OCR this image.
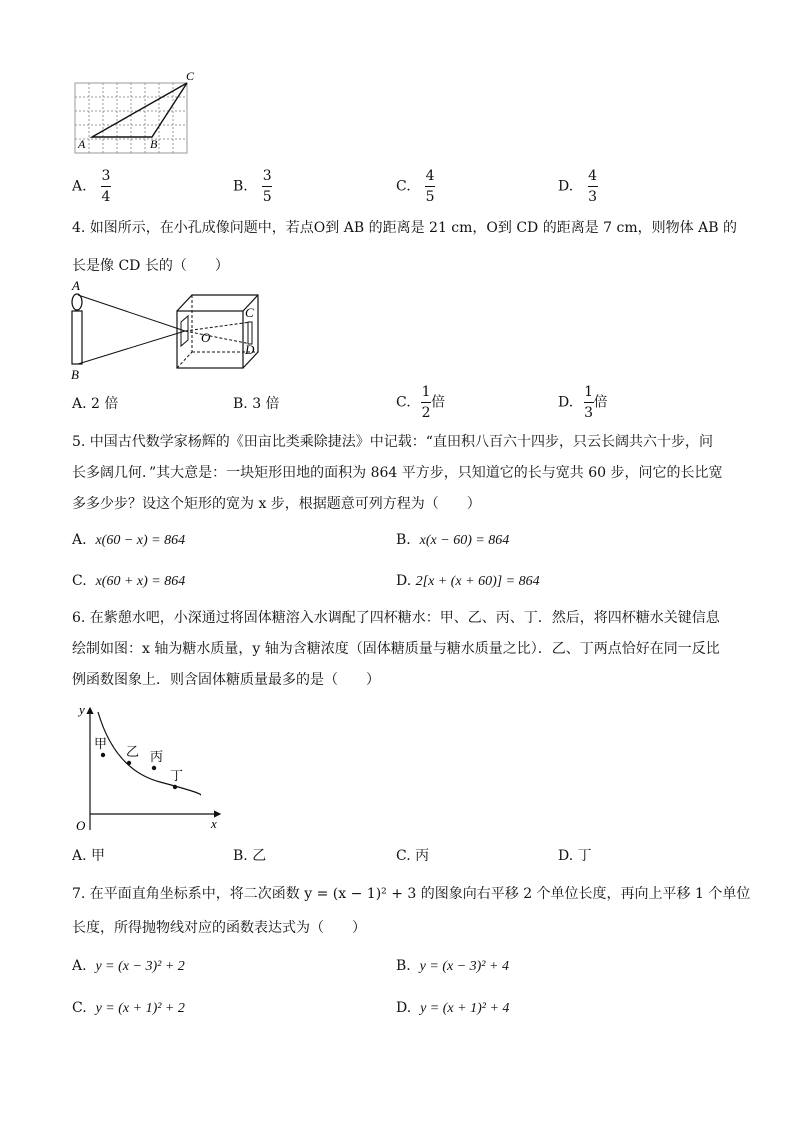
A	B
C
A. $\frac{3}{4}$	B. $\frac{3}{5}$	C. $\frac{4}{5}$	D. $\frac{4}{3}$
4. 如图所示，在小孔成像问题中，若点O到 AB 的距离是 21 cm，O到 CD 的距离是 7 cm，则物体 AB 的
长是像 CD 长的（　　）
A
B
C
D
O
A. 2 倍	B. 3 倍	C. $\frac{1}{2}$ 倍	D. $\frac{1}{3}$ 倍
5. 中国古代数学家杨辉的《田亩比类乘除捷法》中记载：“直田积八百六十四步，只云长阔共六十步，问
长多阔几何．”其大意是：一块矩形田地的面积为 864 平方步，只知道它的长与宽共 60 步，问它的长比宽
多多少步？设这个矩形的宽为 x 步，根据题意可列方程为（　　）
A. x(60 − x) = 864	B. x(x − 60) = 864
C. x(60 + x) = 864	D. 2[x + (x + 60)] = 864
6. 在紫憩水吧，小深通过将固体糖溶入水调配了四杯糖水：甲、乙、丙、丁．然后，将四杯糖水关键信息
绘制如图：x 轴为糖水质量，y 轴为含糖浓度（固体糖质量与糖水质量之比）．乙、丁两点恰好在同一反比
例函数图象上．则含固体糖质量最多的是（　　）
y
x
O
甲
乙 丙
丁
A. 甲	B. 乙	C. 丙	D. 丁
7. 在平面直角坐标系中，将二次函数 y = (x − 1)² + 3 的图象向右平移 2 个单位长度，再向上平移 1 个单位
长度，所得抛物线对应的函数表达式为（　　）
A. y = (x − 3)² + 2	B. y = (x − 3)² + 4
C. y = (x + 1)² + 2	D. y = (x + 1)² + 4
